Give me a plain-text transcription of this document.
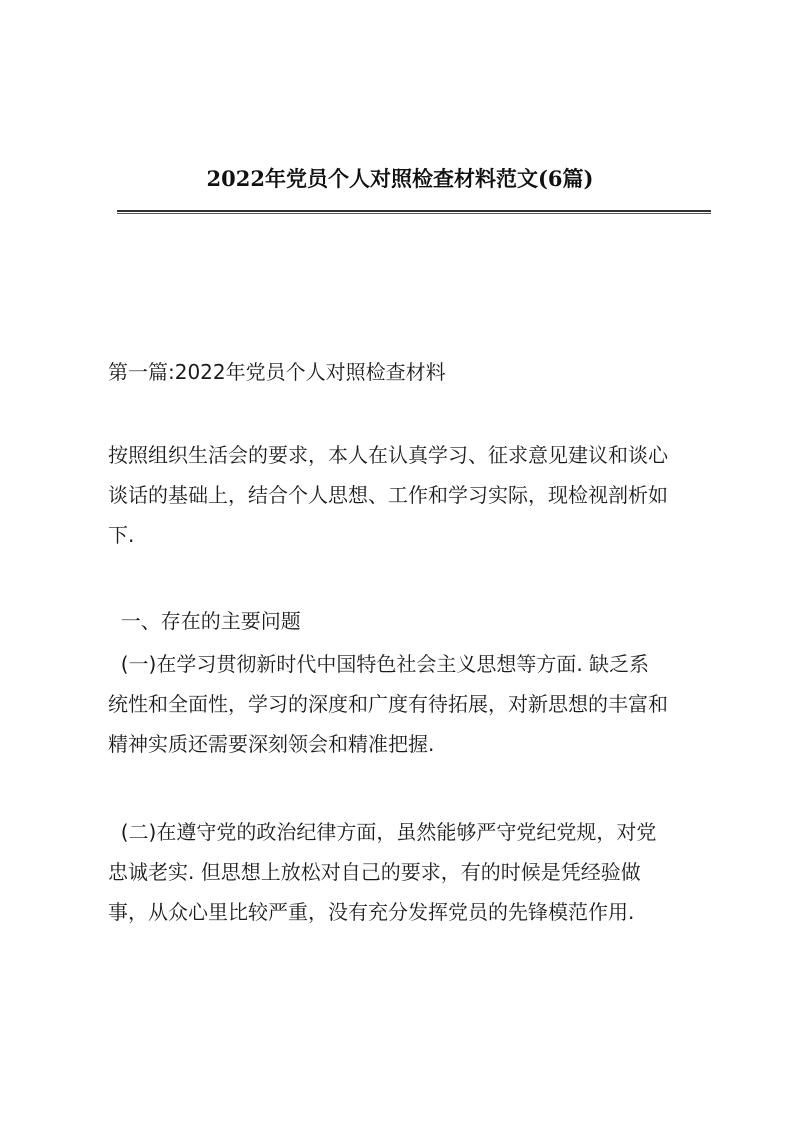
2022年党员个人对照检查材料范文(6篇)
第一篇:2022年党员个人对照检查材料
按照组织生活会的要求，本人在认真学习、征求意见建议和谈心
谈话的基础上，结合个人思想、工作和学习实际，现检视剖析如
下.
一、存在的主要问题
(一)在学习贯彻新时代中国特色社会主义思想等方面. 缺乏系
统性和全面性，学习的深度和广度有待拓展，对新思想的丰富和
精神实质还需要深刻领会和精准把握.
(二)在遵守党的政治纪律方面，虽然能够严守党纪党规，对党
忠诚老实. 但思想上放松对自己的要求，有的时候是凭经验做
事，从众心里比较严重，没有充分发挥党员的先锋模范作用.
